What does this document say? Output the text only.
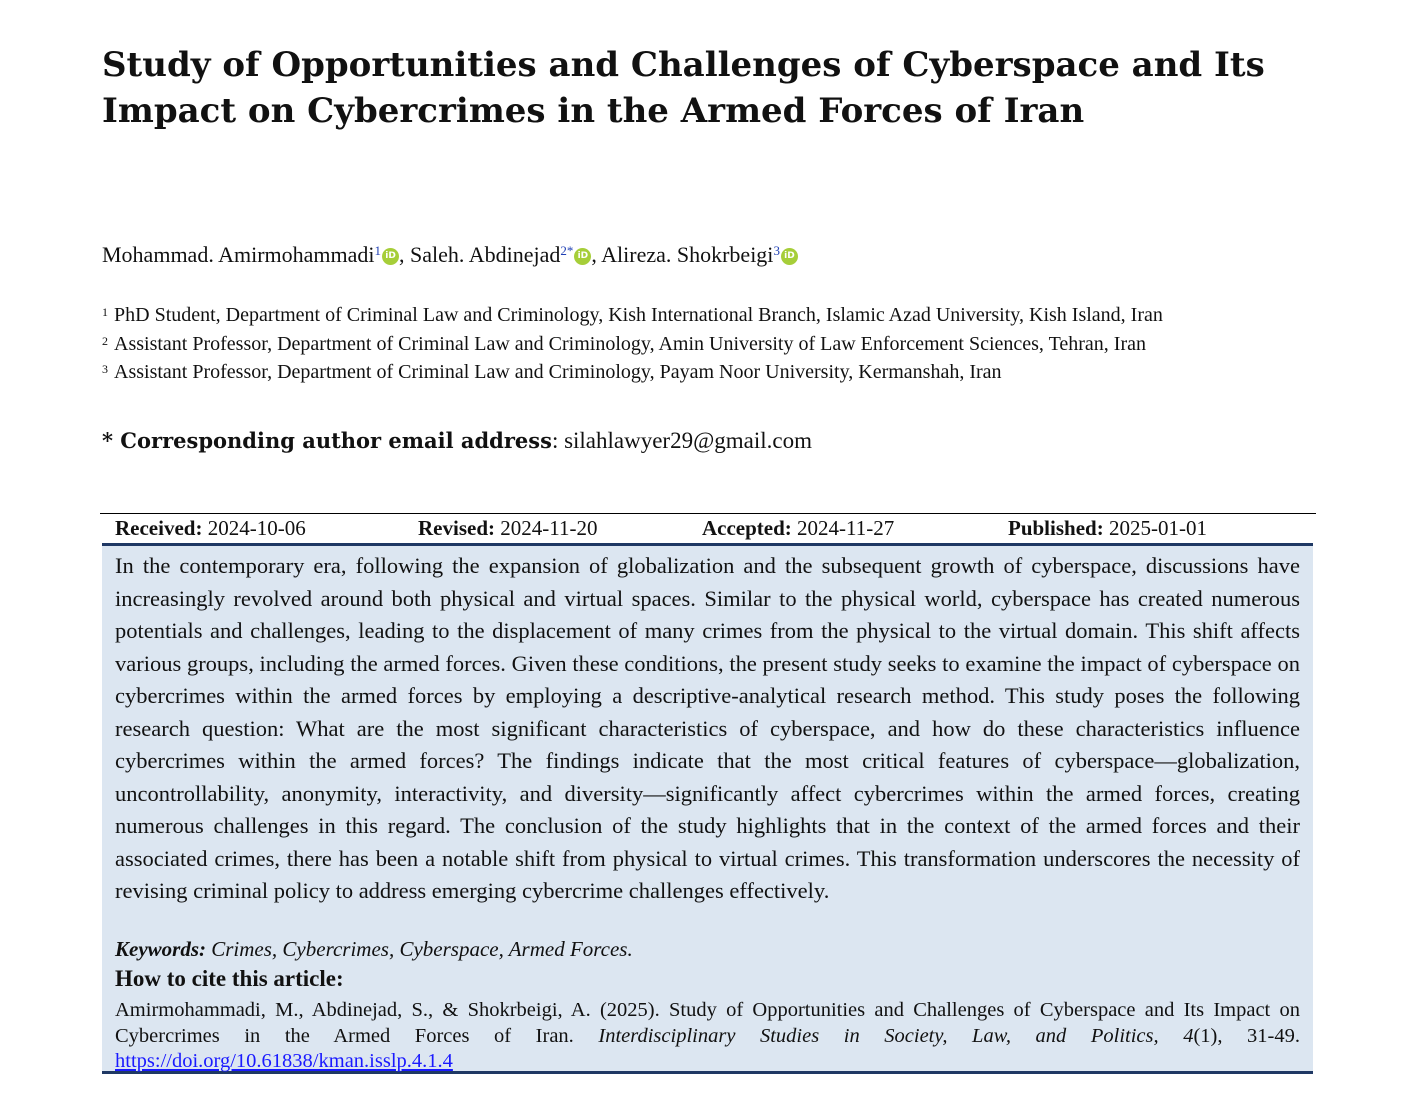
Study of Opportunities and Challenges of Cyberspace and Its Impact on Cybercrimes in the Armed Forces of Iran
Mohammad. Amirmohammadi$^1$ iD , Saleh. Abdinejad$^{2*}$ iD , Alireza. Shokrbeigi$^3$ iD
$^1$ PhD Student, Department of Criminal Law and Criminology, Kish International Branch, Islamic Azad University, Kish Island, Iran
$^2$ Assistant Professor, Department of Criminal Law and Criminology, Amin University of Law Enforcement Sciences, Tehran, Iran
$^3$ Assistant Professor, Department of Criminal Law and Criminology, Payam Noor University, Kermanshah, Iran
* Corresponding author email address: silahlawyer29@gmail.com
Received: 2024-10-06	Revised: 2024-11-20	Accepted: 2024-11-27	Published: 2025-01-01

In the contemporary era, following the expansion of globalization and the subsequent growth of cyberspace, discussions have increasingly revolved around both physical and virtual spaces. Similar to the physical world, cyberspace has created numerous potentials and challenges, leading to the displacement of many crimes from the physical to the virtual domain. This shift affects various groups, including the armed forces. Given these conditions, the present study seeks to examine the impact of cyberspace on cybercrimes within the armed forces by employing a descriptive-analytical research method. This study poses the following research question: What are the most significant characteristics of cyberspace, and how do these characteristics influence cybercrimes within the armed forces? The findings indicate that the most critical features of cyberspace—globalization, uncontrollability, anonymity, interactivity, and diversity—significantly affect cybercrimes within the armed forces, creating numerous challenges in this regard. The conclusion of the study highlights that in the context of the armed forces and their associated crimes, there has been a notable shift from physical to virtual crimes. This transformation underscores the necessity of revising criminal policy to address emerging cybercrime challenges effectively.

Keywords: Crimes, Cybercrimes, Cyberspace, Armed Forces.
How to cite this article:

Amirmohammadi, M., Abdinejad, S., & Shokrbeigi, A. (2025). Study of Opportunities and Challenges of Cyberspace and Its Impact on Cybercrimes in the Armed Forces of Iran. Interdisciplinary Studies in Society, Law, and Politics, 4(1), 31-49. https://doi.org/10.61838/kman.isslp.4.1.4
